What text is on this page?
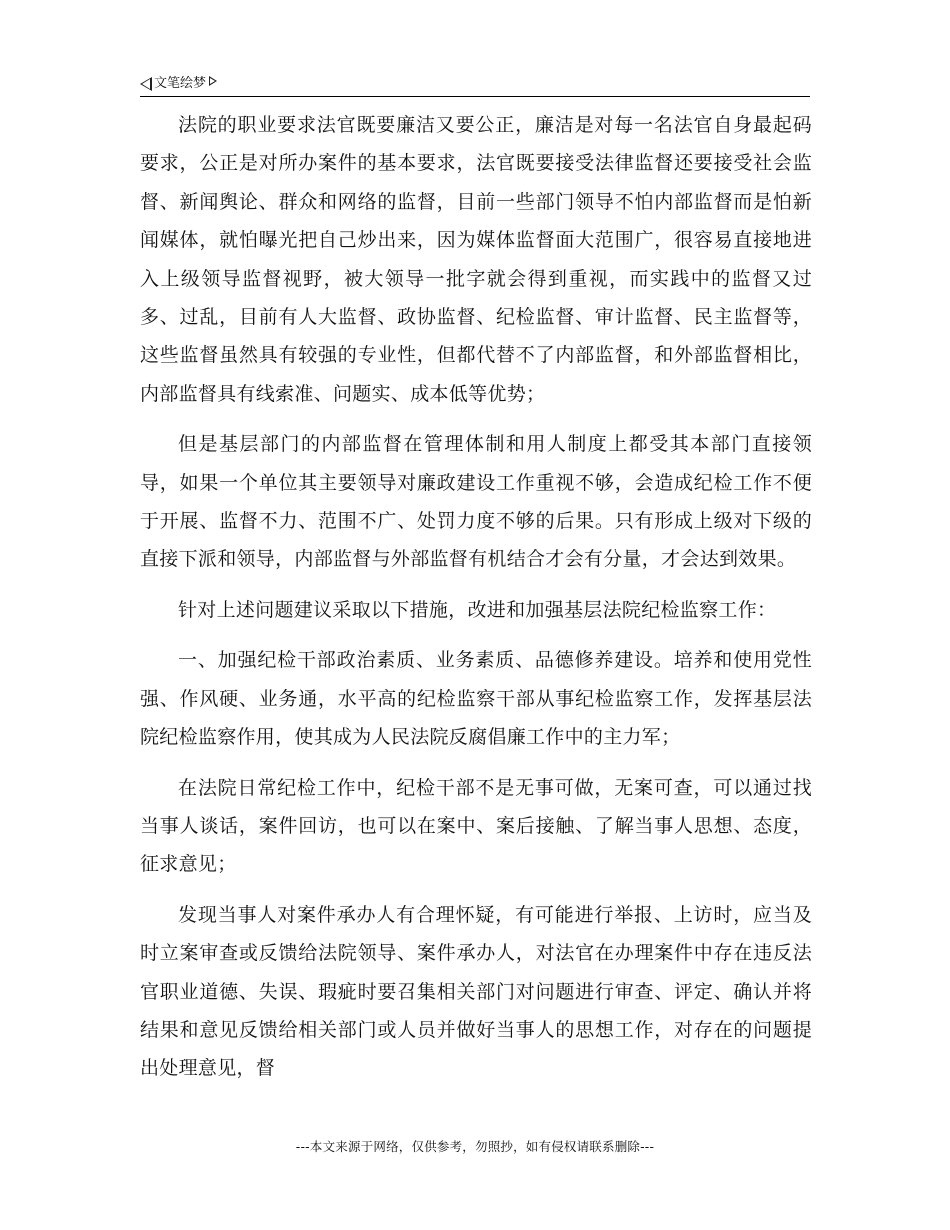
文笔绘梦

法院的职业要求法官既要廉洁又要公正，廉洁是对每一名法官自身最起码要求，公正是对所办案件的基本要求，法官既要接受法律监督还要接受社会监督、新闻舆论、群众和网络的监督，目前一些部门领导不怕内部监督而是怕新闻媒体，就怕曝光把自己炒出来，因为媒体监督面大范围广，很容易直接地进入上级领导监督视野，被大领导一批字就会得到重视，而实践中的监督又过多、过乱，目前有人大监督、政协监督、纪检监督、审计监督、民主监督等，这些监督虽然具有较强的专业性，但都代替不了内部监督，和外部监督相比，内部监督具有线索准、问题实、成本低等优势；

但是基层部门的内部监督在管理体制和用人制度上都受其本部门直接领导，如果一个单位其主要领导对廉政建设工作重视不够，会造成纪检工作不便于开展、监督不力、范围不广、处罚力度不够的后果。只有形成上级对下级的直接下派和领导，内部监督与外部监督有机结合才会有分量，才会达到效果。

针对上述问题建议采取以下措施，改进和加强基层法院纪检监察工作：

一、加强纪检干部政治素质、业务素质、品德修养建设。培养和使用党性强、作风硬、业务通，水平高的纪检监察干部从事纪检监察工作，发挥基层法院纪检监察作用，使其成为人民法院反腐倡廉工作中的主力军；

在法院日常纪检工作中，纪检干部不是无事可做，无案可查，可以通过找当事人谈话，案件回访，也可以在案中、案后接触、了解当事人思想、态度，征求意见；

发现当事人对案件承办人有合理怀疑，有可能进行举报、上访时，应当及时立案审查或反馈给法院领导、案件承办人，对法官在办理案件中存在违反法官职业道德、失误、瑕疵时要召集相关部门对问题进行审查、评定、确认并将结果和意见反馈给相关部门或人员并做好当事人的思想工作，对存在的问题提出处理意见，督

---本文来源于网络，仅供参考，勿照抄，如有侵权请联系删除---
